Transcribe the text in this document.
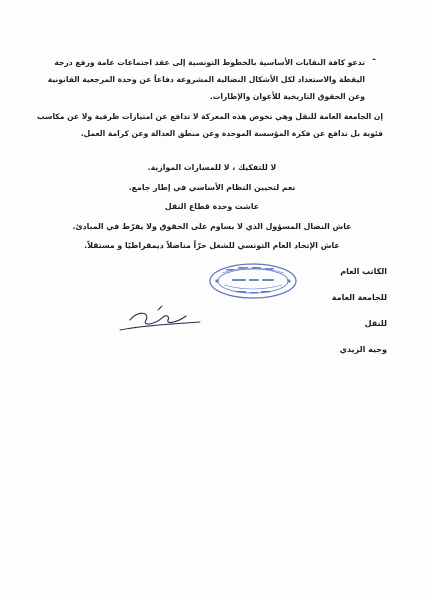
-
تدعو كافة النقابات الأساسية بالخطوط التونسية إلى عقد اجتماعات عامة ورفع درجة اليقظة والاستعداد لكل الأشكال النضالية المشروعة دفاعاً عن وحدة المرجعية القانونية وعن الحقوق التاريخية للأعوان والإطارات.
إن الجامعة العامة للنقل وهي تخوض هذه المعركة لا تدافع عن امتيازات ظرفية ولا عن مكاسب فئوية بل تدافع عن فكرة المؤسسة الموحدة وعن منطق العدالة وعن كرامة العمل.
لا للتفكيك ، لا للمسارات الموازية.
نعم لتحيين النظام الأساسي في إطار جامع.
عاشت وحدة قطاع النقل
عاش النضال المسؤول الذي لا يساوم على الحقوق ولا يفرّط في المبادئ.
عاش الإتحاد العام التونسي للشغل حرّاً مناضلاً ديمقراطيًا و مستقلاً.
الكاتب العام
للجامعة العامة للنقل
وجيه الزيدي
